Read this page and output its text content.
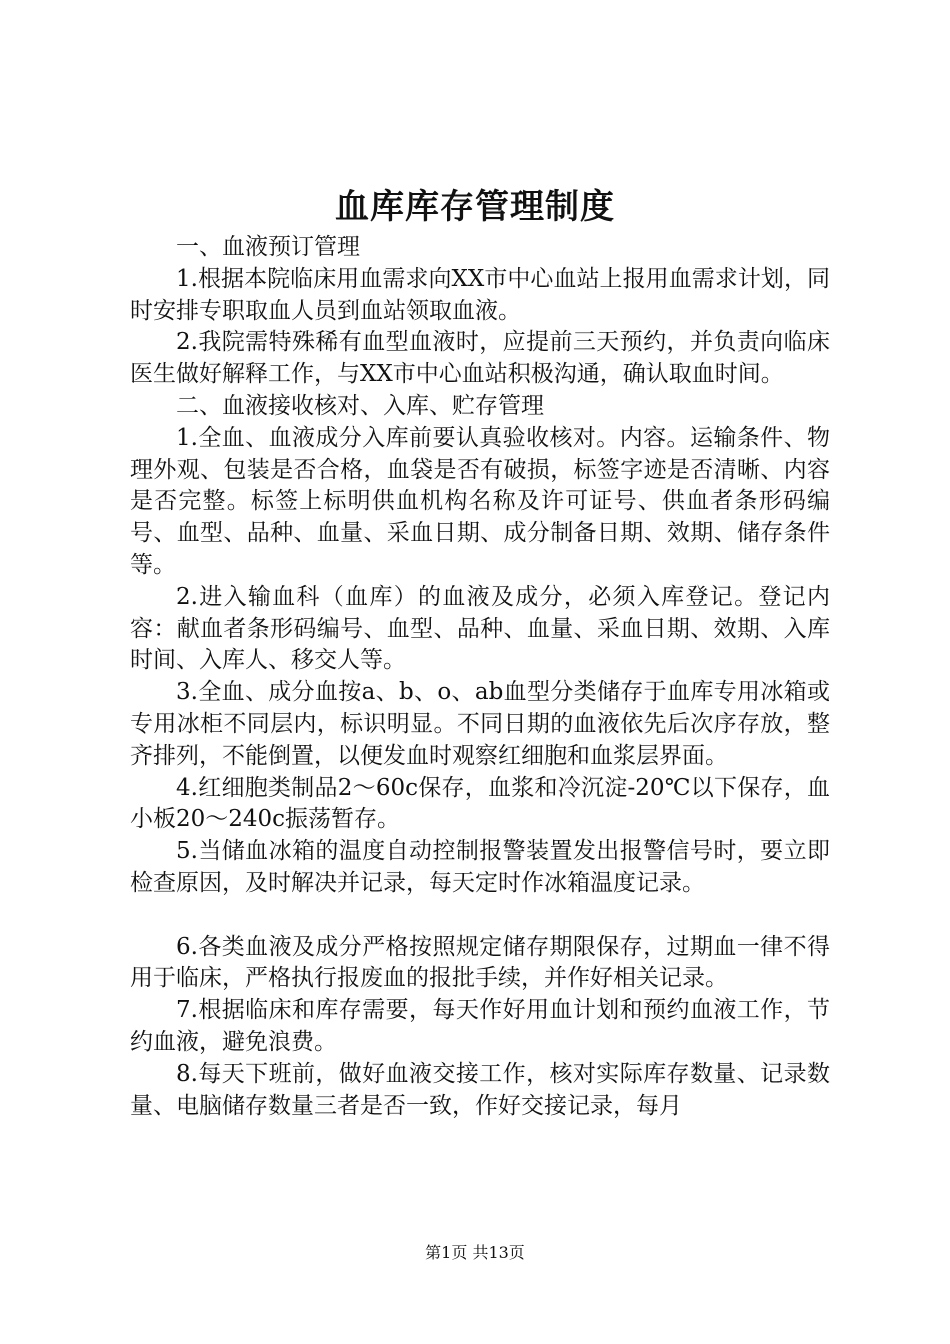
血库库存管理制度

一、血液预订管理

1.根据本院临床用血需求向XX市中心血站上报用血需求计划，同时安排专职取血人员到血站领取血液。

2.我院需特殊稀有血型血液时，应提前三天预约，并负责向临床医生做好解释工作，与XX市中心血站积极沟通，确认取血时间。

二、血液接收核对、入库、贮存管理

1.全血、血液成分入库前要认真验收核对。内容。运输条件、物理外观、包装是否合格，血袋是否有破损，标签字迹是否清晰、内容是否完整。标签上标明供血机构名称及许可证号、供血者条形码编号、血型、品种、血量、采血日期、成分制备日期、效期、储存条件等。

2.进入输血科（血库）的血液及成分，必须入库登记。登记内容：献血者条形码编号、血型、品种、血量、采血日期、效期、入库时间、入库人、移交人等。

3.全血、成分血按a、b、o、ab血型分类储存于血库专用冰箱或专用冰柜不同层内，标识明显。不同日期的血液依先后次序存放，整齐排列，不能倒置，以便发血时观察红细胞和血浆层界面。

4.红细胞类制品2～60c保存，血浆和冷沉淀-20℃以下保存，血小板20～240c振荡暂存。

5.当储血冰箱的温度自动控制报警装置发出报警信号时，要立即检查原因，及时解决并记录，每天定时作冰箱温度记录。

6.各类血液及成分严格按照规定储存期限保存，过期血一律不得用于临床，严格执行报废血的报批手续，并作好相关记录。

7.根据临床和库存需要，每天作好用血计划和预约血液工作，节约血液，避免浪费。

8.每天下班前，做好血液交接工作，核对实际库存数量、记录数量、电脑储存数量三者是否一致，作好交接记录，每月

第1页 共13页
